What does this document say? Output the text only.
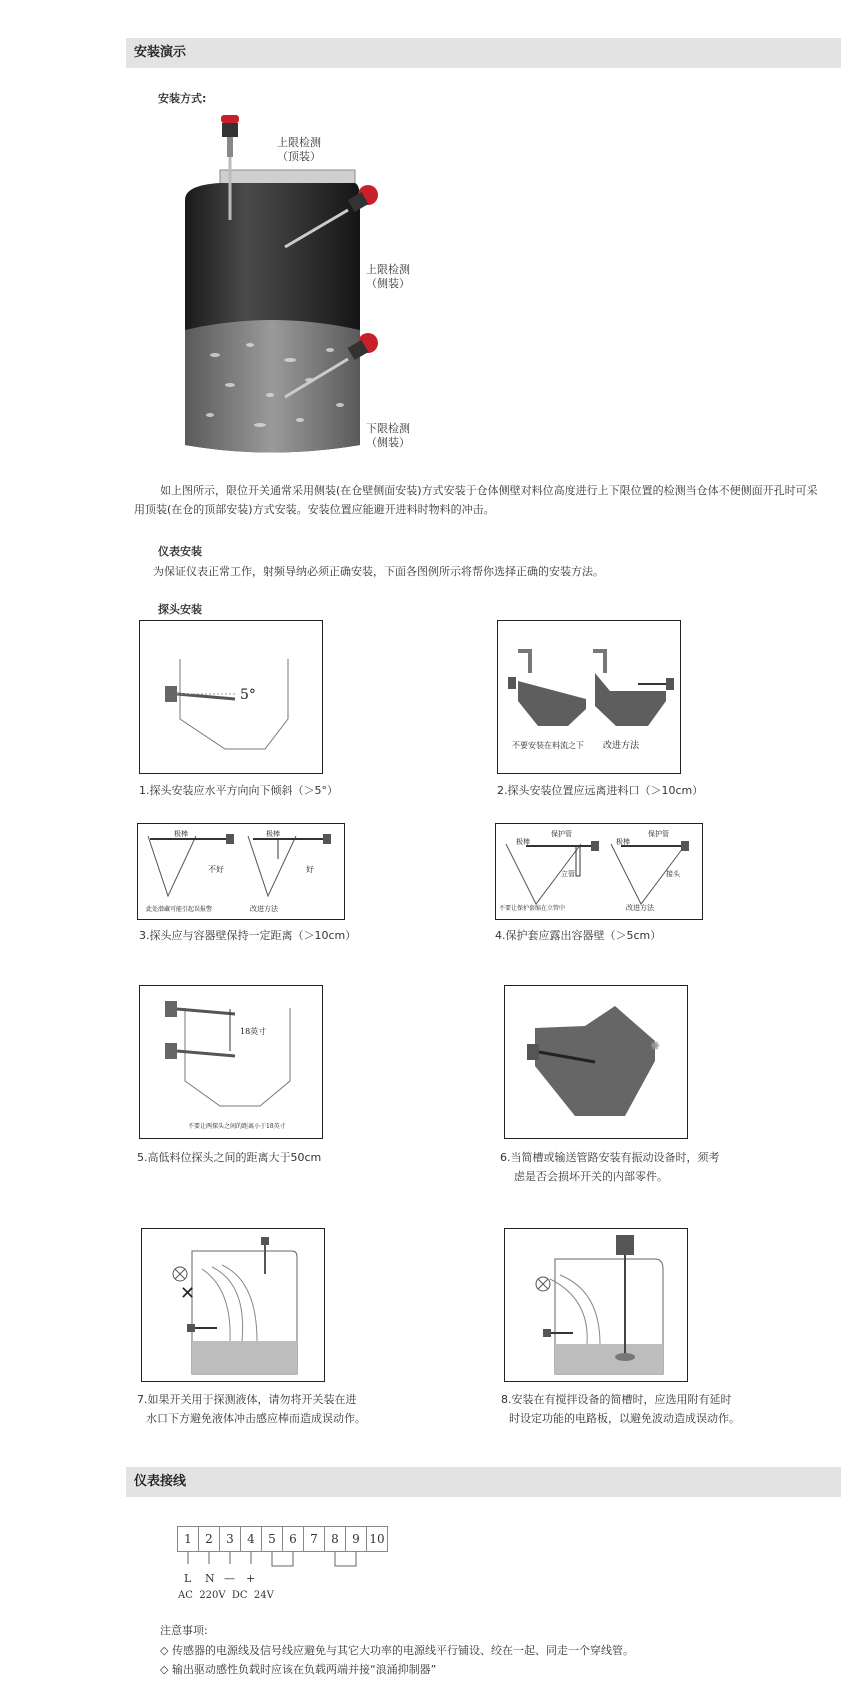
安装演示
安装方式:
上限检测
（顶装）
上限检测
（侧装）
下限检测
（侧装）
如上图所示，限位开关通常采用侧装(在仓壁侧面安装)方式安装于仓体侧壁对料位高度进行上下限位置的检测当仓体不便侧面开孔时可采
用顶装(在仓的顶部安装)方式安装。安装位置应能避开进料时物料的冲击。
仪表安装
为保证仪表正常工作，射频导纳必须正确安装，下面各图例所示将帮你选择正确的安装方法。
探头安装
5°
1.探头安装应水平方向向下倾斜（＞5°）
不要安装在料流之下 改进方法
2.探头安装位置应远离进料口（＞10cm）
极棒	极棒
不好	好
此处潜藏可能引起误报警	改进方法
3.探头应与容器壁保持一定距离（＞10cm）
极棒
保护管
极棒
保护管
立管	接头
不要让保护套缩在立管中	改进方法
4.保护套应露出容器壁（＞5cm）
18英寸
不要让两探头之间的距离小于18英寸
5.高低料位探头之间的距离大于50cm
✺
6.当简槽或输送管路安装有振动设备时，须考
虑是否会损坏开关的内部零件。
✕
7.如果开关用于探测液体，请勿将开关装在进
水口下方避免液体冲击感应棒而造成误动作。
8.安装在有搅拌设备的简槽时，应选用附有延时
时设定功能的电路板，以避免波动造成误动作。
仪表接线
1	2	3	4	5	6	7	8	9	10
L N — +
AC  220V  DC  24V
注意事项:
◇ 传感器的电源线及信号线应避免与其它大功率的电源线平行铺设、绞在一起、同走一个穿线管。
◇ 输出驱动感性负载时应该在负载两端并接“浪涌抑制器”
